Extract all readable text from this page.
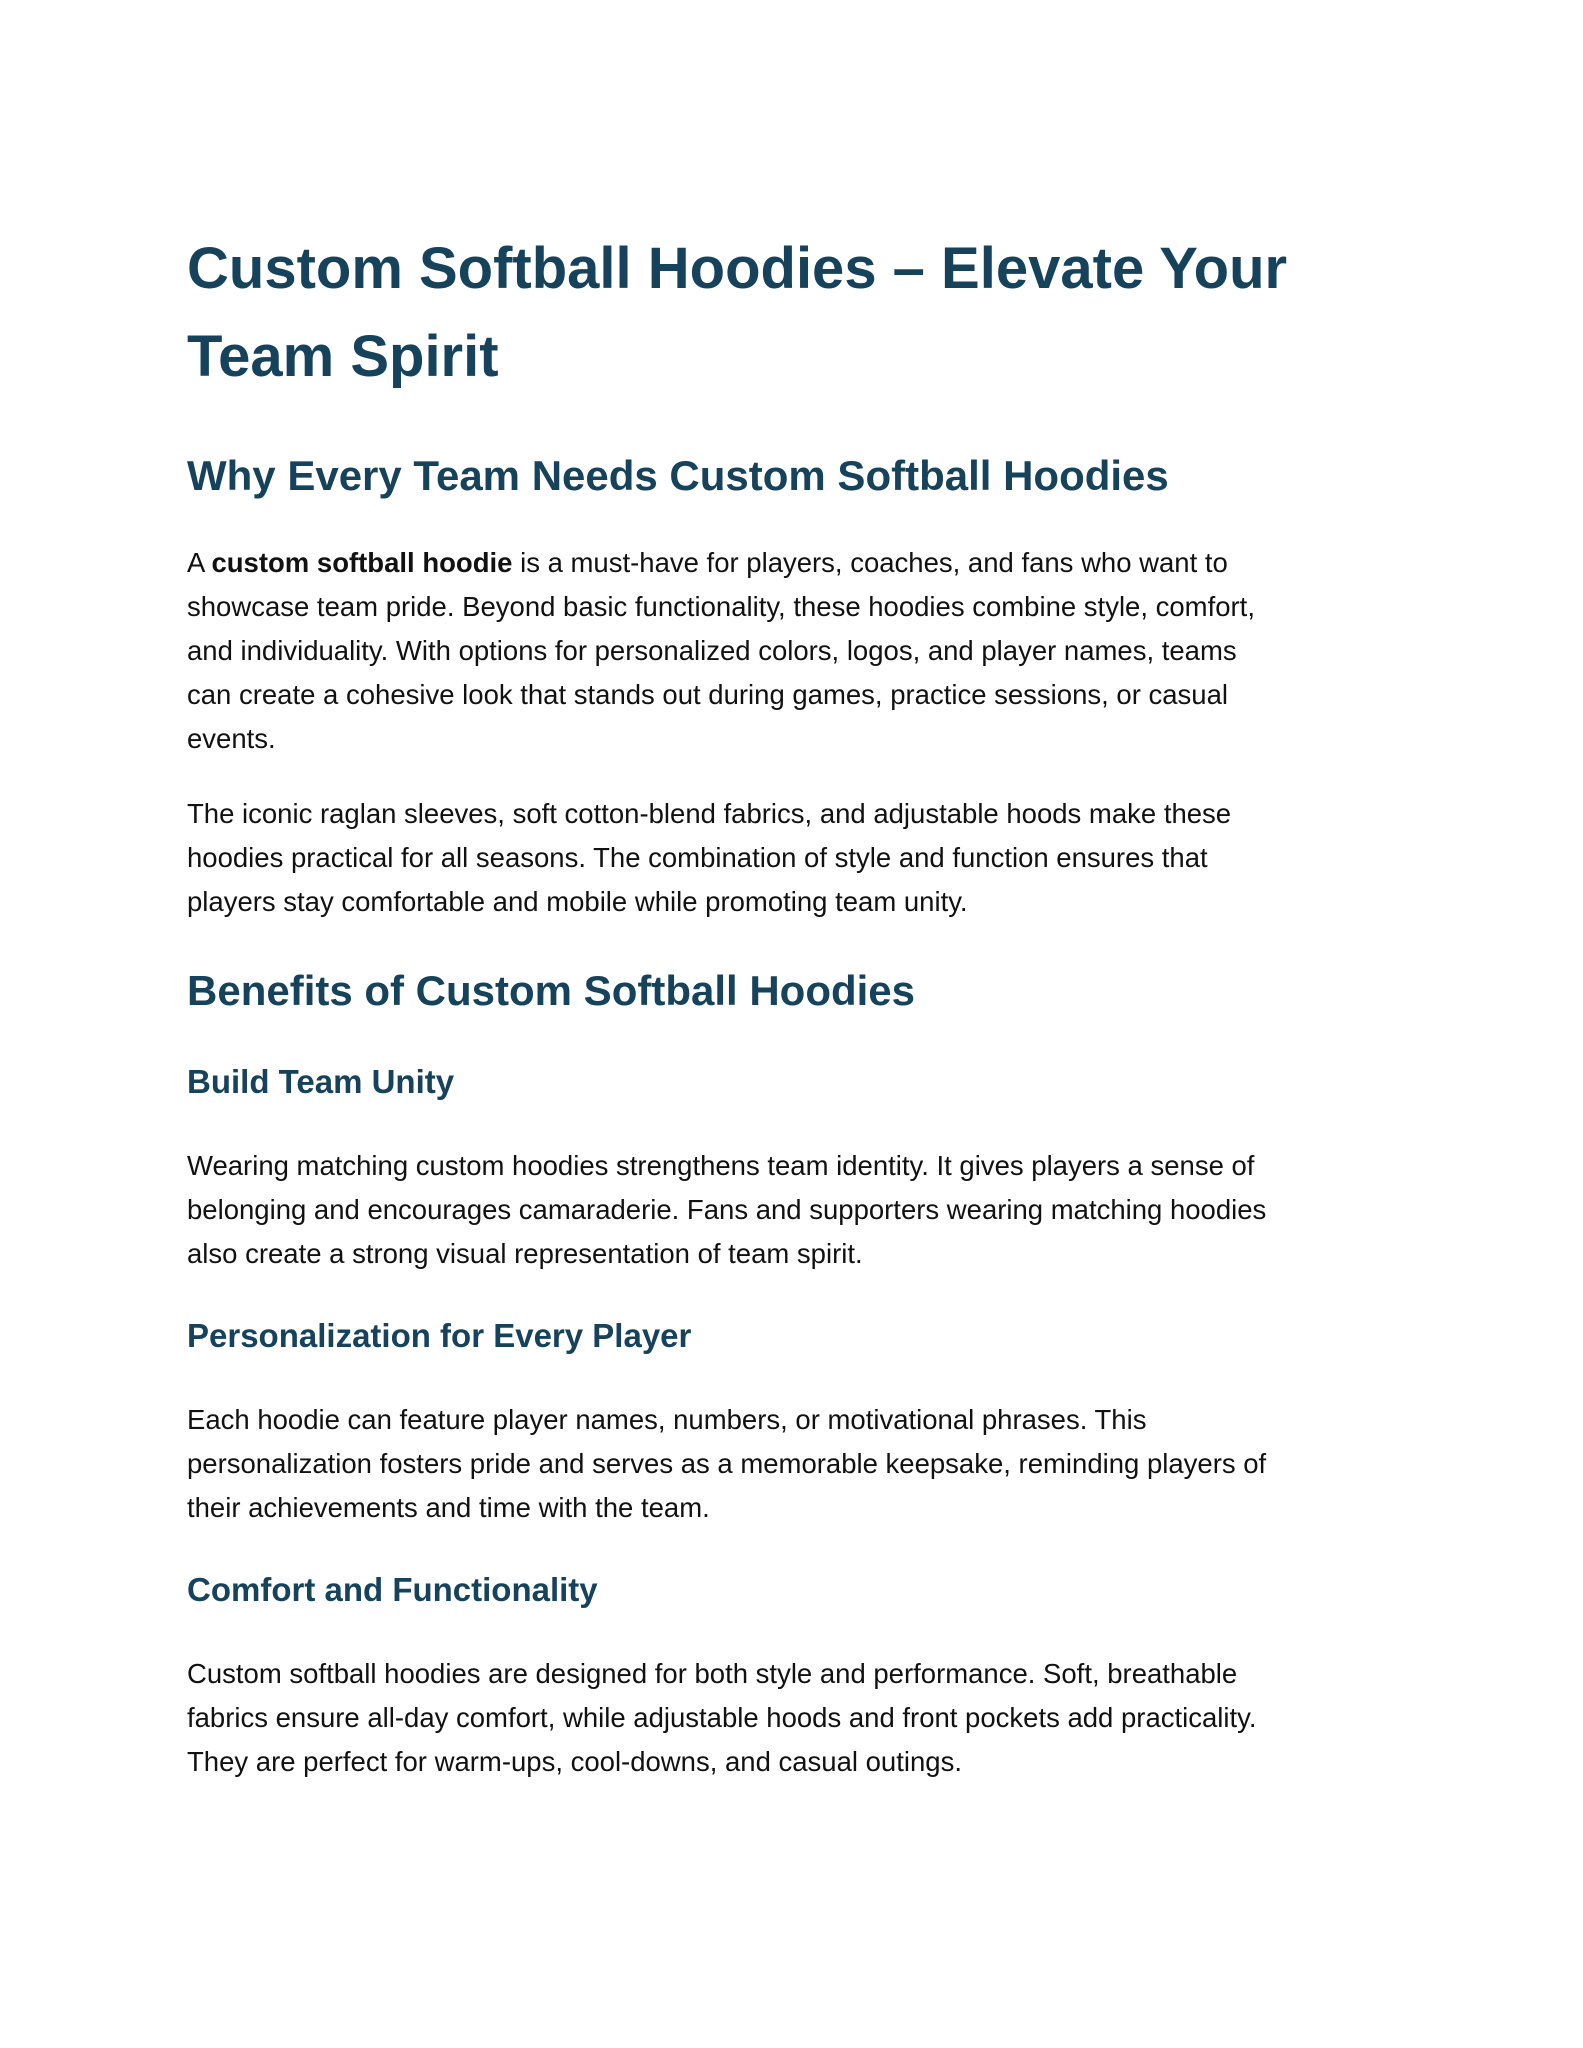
Custom Softball Hoodies – Elevate Your
Team Spirit
Why Every Team Needs Custom Softball Hoodies

A custom softball hoodie is a must-have for players, coaches, and fans who want to
showcase team pride. Beyond basic functionality, these hoodies combine style, comfort,
and individuality. With options for personalized colors, logos, and player names, teams
can create a cohesive look that stands out during games, practice sessions, or casual
events.

The iconic raglan sleeves, soft cotton-blend fabrics, and adjustable hoods make these
hoodies practical for all seasons. The combination of style and function ensures that
players stay comfortable and mobile while promoting team unity.

Benefits of Custom Softball Hoodies
Build Team Unity

Wearing matching custom hoodies strengthens team identity. It gives players a sense of
belonging and encourages camaraderie. Fans and supporters wearing matching hoodies
also create a strong visual representation of team spirit.

Personalization for Every Player

Each hoodie can feature player names, numbers, or motivational phrases. This
personalization fosters pride and serves as a memorable keepsake, reminding players of
their achievements and time with the team.

Comfort and Functionality

Custom softball hoodies are designed for both style and performance. Soft, breathable
fabrics ensure all-day comfort, while adjustable hoods and front pockets add practicality.
They are perfect for warm-ups, cool-downs, and casual outings.
